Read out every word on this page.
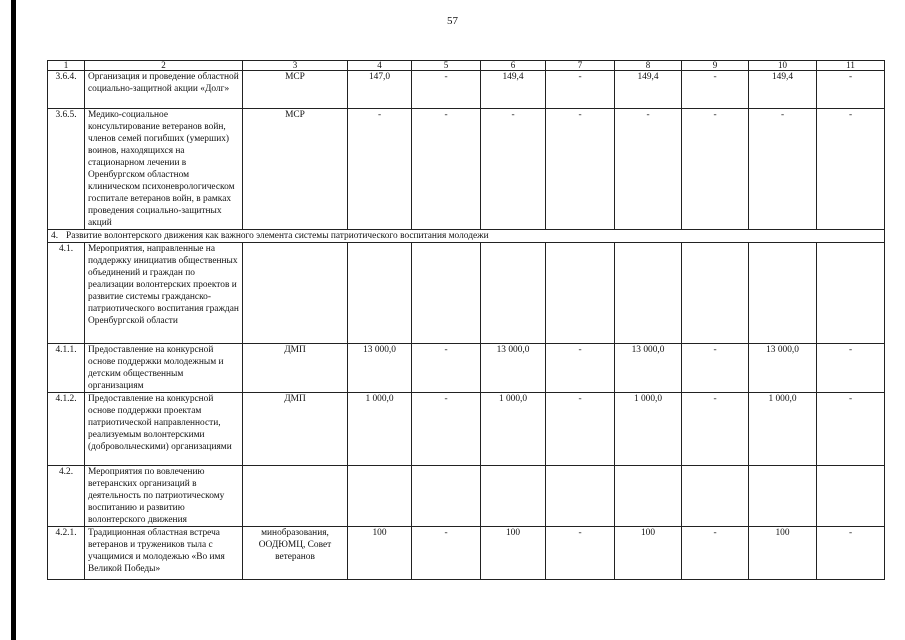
57
1	2	3	4	5	6	7	8	9	10	11
3.6.4.	Организация и проведение областной социально-защитной акции «Долг»	МСР	147,0	-	149,4	-	149,4	-	149,4	-
3.6.5.	Медико-социальное консультирование ветеранов войн, членов семей погибших (умерших) воинов, находящихся на стационарном лечении в Оренбургском областном клиническом психоневрологическом госпитале ветеранов войн, в рамках проведения социально-защитных акций	МСР	-	-	-	-	-	-	-	-
4. Развитие волонтерского движения как важного элемента системы патриотического воспитания молодежи										
4.1.	Мероприятия, направленные на поддержку инициатив общественных объединений и граждан по реализации волонтерских проектов и развитие системы гражданско-патриотического воспитания граждан Оренбургской области									
4.1.1.	Предоставление на конкурсной основе поддержки молодежным и детским общественным организациям	ДМП	13 000,0	-	13 000,0	-	13 000,0	-	13 000,0	-
4.1.2.	Предоставление на конкурсной основе поддержки проектам патриотической направленности, реализуемым волонтерскими (добровольческими) организациями	ДМП	1 000,0	-	1 000,0	-	1 000,0	-	1 000,0	-
4.2.	Мероприятия по вовлечению ветеранских организаций в деятельность по патриотическому воспитанию и развитию волонтерского движения									
4.2.1.	Традиционная областная встреча ветеранов и тружеников тыла с учащимися и молодежью «Во имя Великой Победы»	минобразования, ООДЮМЦ, Совет ветеранов	100	-	100	-	100	-	100	-
